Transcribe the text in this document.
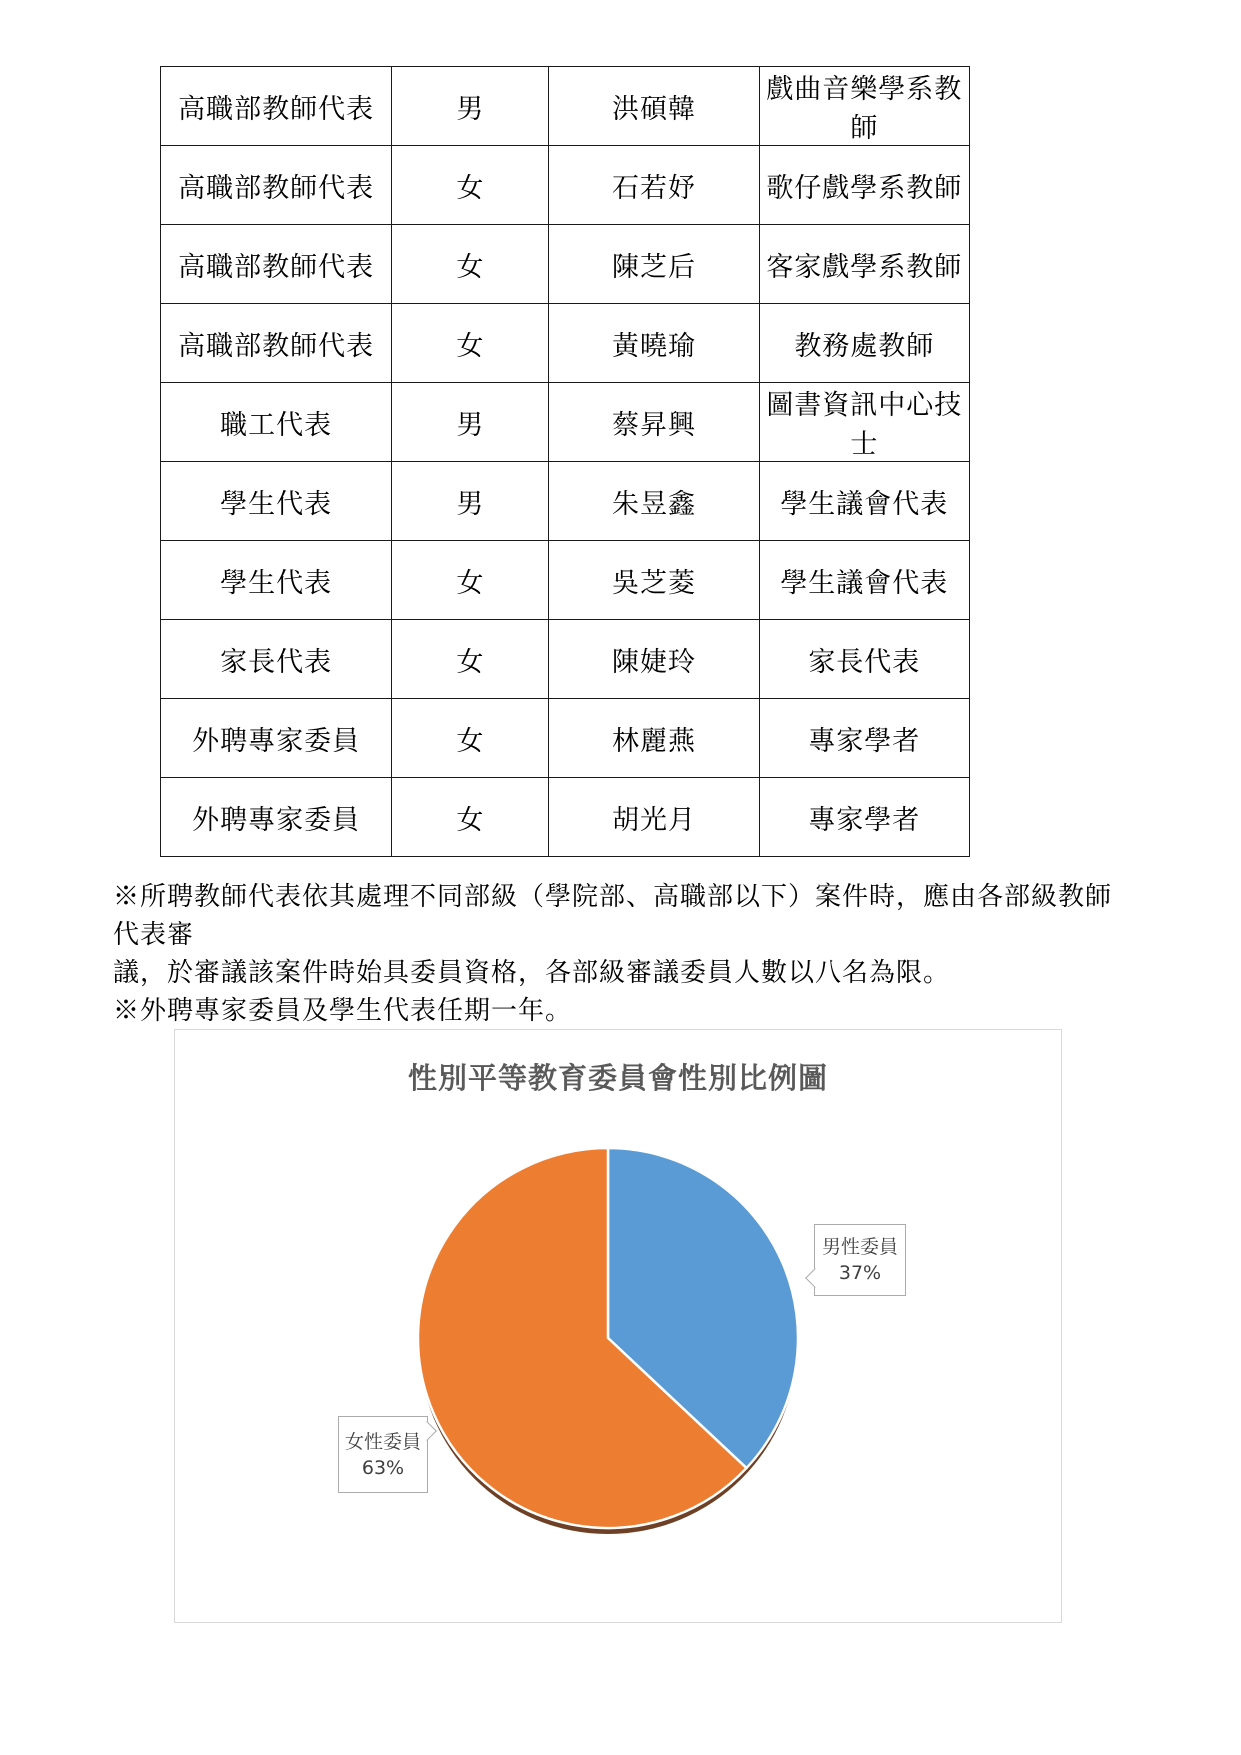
高職部教師代表	男	洪碩韓	戲曲音樂學系教師
高職部教師代表	女	石若妤	歌仔戲學系教師
高職部教師代表	女	陳芝后	客家戲學系教師
高職部教師代表	女	黃曉瑜	教務處教師
職工代表	男	蔡昇興	圖書資訊中心技士
學生代表	男	朱昱鑫	學生議會代表
學生代表	女	吳芝菱	學生議會代表
家長代表	女	陳婕玲	家長代表
外聘專家委員	女	林麗燕	專家學者
外聘專家委員	女	胡光月	專家學者
※所聘教師代表依其處理不同部級（學院部、高職部以下）案件時，應由各部級教師代表審
議，於審議該案件時始具委員資格，各部級審議委員人數以八名為限。
※外聘專家委員及學生代表任期一年。
性別平等教育委員會性別比例圖
男性委員
37%
女性委員
63%
